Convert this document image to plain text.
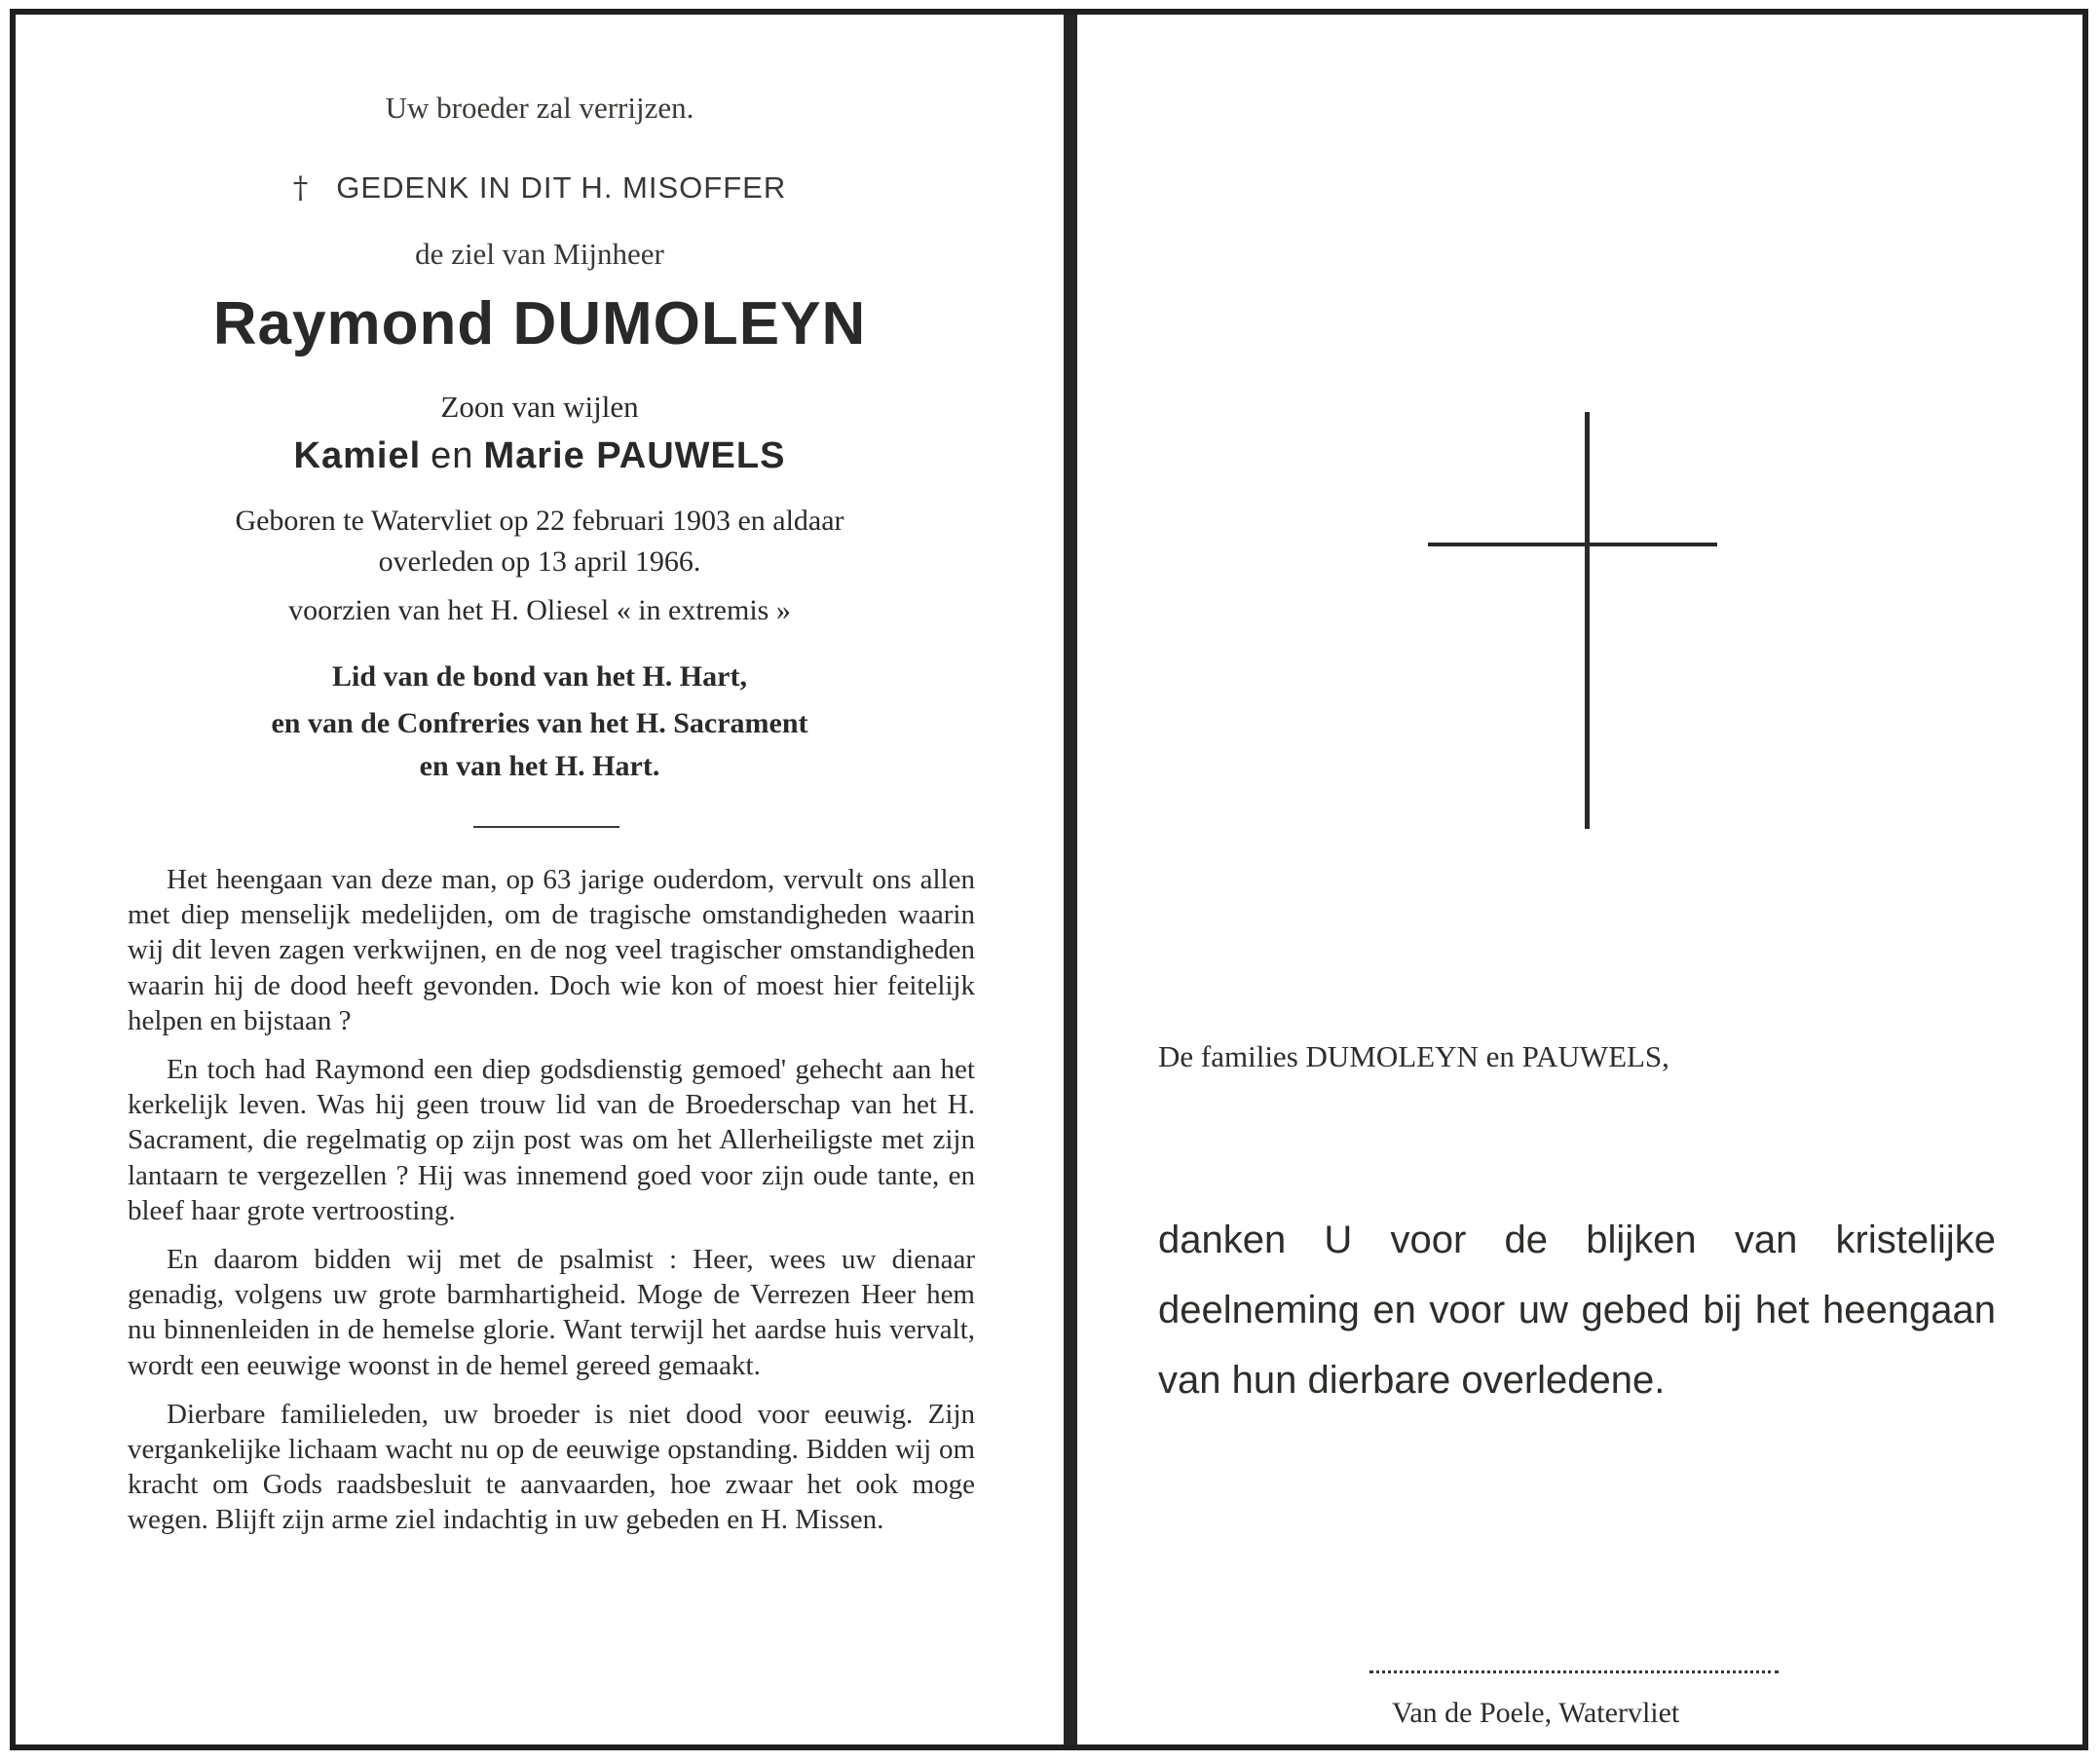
Uw broeder zal verrijzen.
† GEDENK IN DIT H. MISOFFER
de ziel van Mijnheer
Raymond DUMOLEYN
Zoon van wijlen
Kamiel en Marie PAUWELS
Geboren te Watervliet op 22 februari 1903 en aldaar
overleden op 13 april 1966.
voorzien van het H. Oliesel « in extremis »
Lid van de bond van het H. Hart,
en van de Confreries van het H. Sacrament
en van het H. Hart.

Het heengaan van deze man, op 63 jarige ouderdom, vervult ons allen met diep menselijk medelijden, om de tragische omstandigheden waarin wij dit leven zagen verkwijnen, en de nog veel tragischer omstandigheden waarin hij de dood heeft gevonden. Doch wie kon of moest hier feitelijk helpen en bijstaan ?

En toch had Raymond een diep godsdienstig gemoed' gehecht aan het kerkelijk leven. Was hij geen trouw lid van de Broederschap van het H. Sacrament, die regelmatig op zijn post was om het Allerheiligste met zijn lantaarn te vergezellen ? Hij was innemend goed voor zijn oude tante, en bleef haar grote vertroosting.

En daarom bidden wij met de psalmist : Heer, wees uw dienaar genadig, volgens uw grote barmhartigheid. Moge de Verrezen Heer hem nu binnenleiden in de hemelse glorie. Want terwijl het aardse huis vervalt, wordt een eeuwige woonst in de hemel gereed gemaakt.

Dierbare familieleden, uw broeder is niet dood voor eeuwig. Zijn vergankelijke lichaam wacht nu op de eeuwige opstanding. Bidden wij om kracht om Gods raadsbesluit te aanvaarden, hoe zwaar het ook moge wegen. Blijft zijn arme ziel indachtig in uw gebeden en H. Missen.

De families DUMOLEYN en PAUWELS,
danken U voor de blijken van kristelijke deelneming en voor uw gebed bij het heengaan van hun dierbare overledene.
Van de Poele, Watervliet
